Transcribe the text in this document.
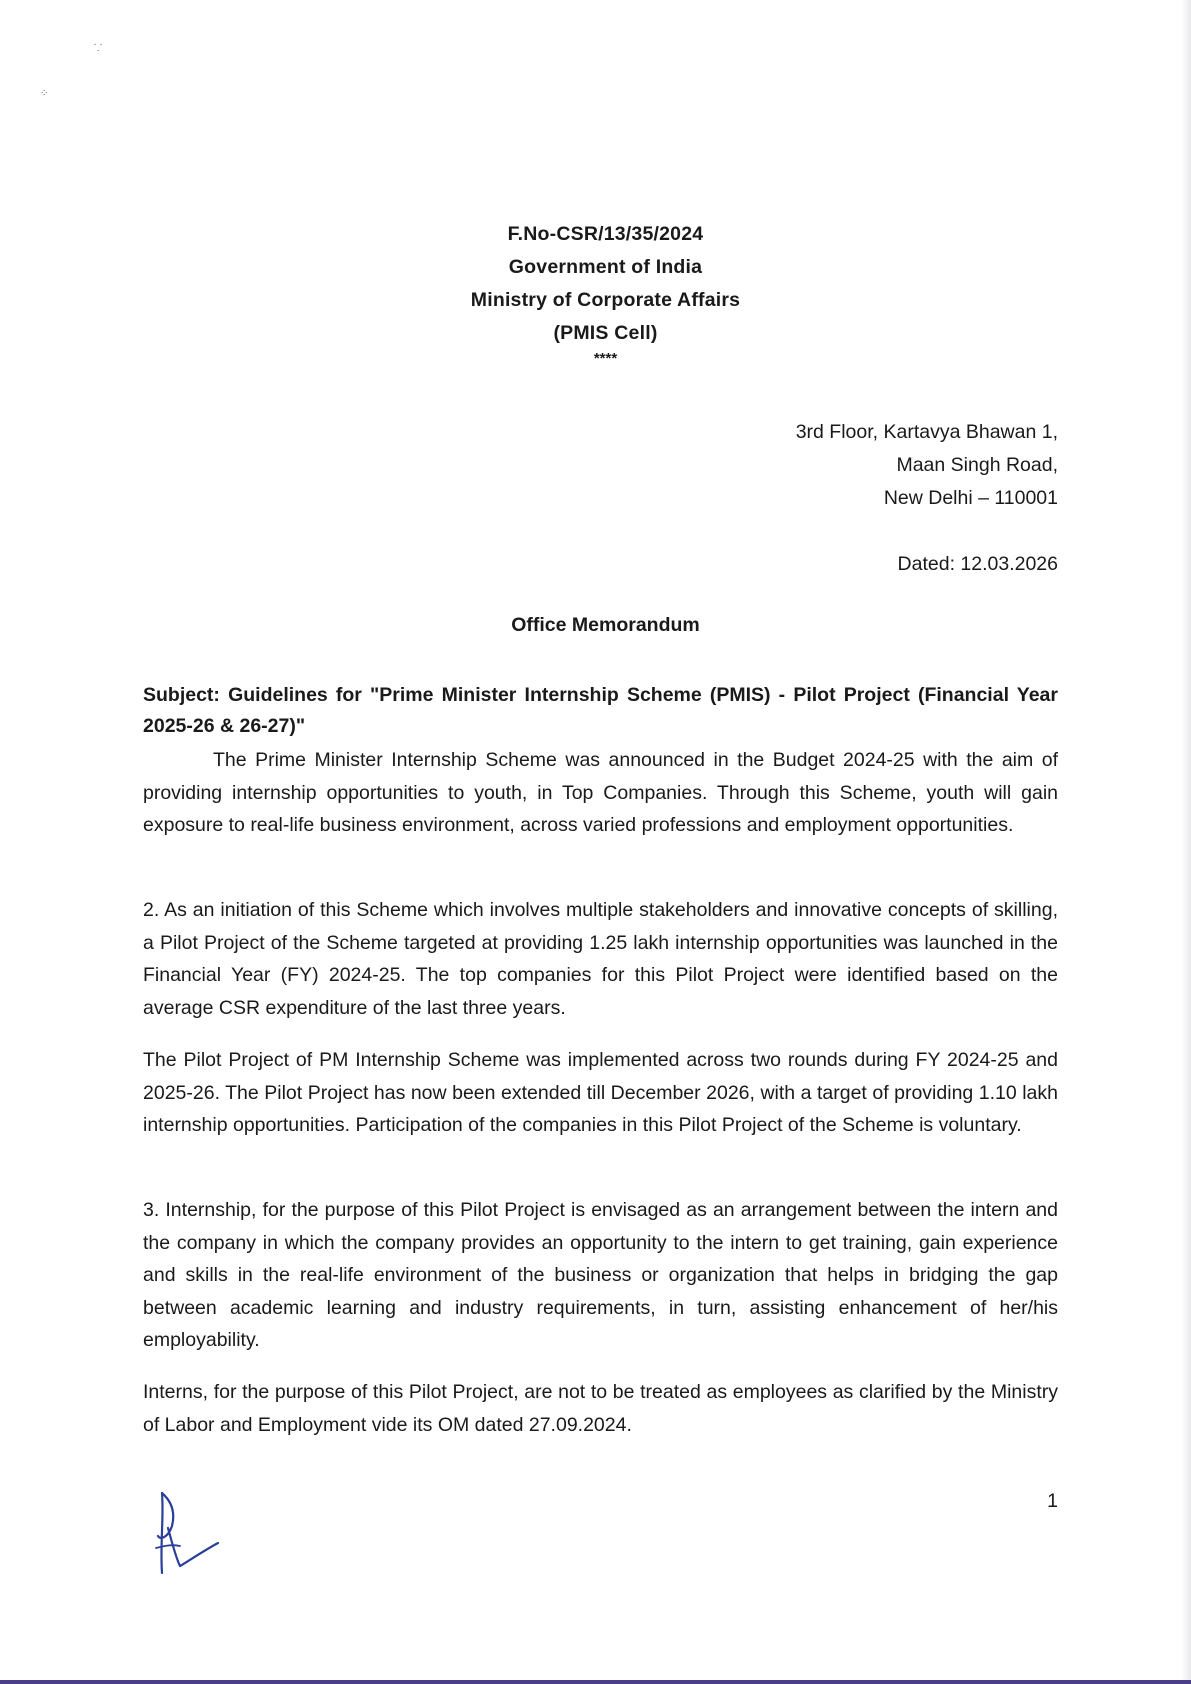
⸪
⁘
F.No-CSR/13/35/2024
Government of India
Ministry of Corporate Affairs
(PMIS Cell)
****
3rd Floor, Kartavya Bhawan 1,
Maan Singh Road,
New Delhi – 110001
Dated: 12.03.2026
Office Memorandum
Subject: Guidelines for "Prime Minister Internship Scheme (PMIS) - Pilot Project (Financial Year 2025-26 & 26-27)"

The Prime Minister Internship Scheme was announced in the Budget 2024-25 with the aim of providing internship opportunities to youth, in Top Companies. Through this Scheme, youth will gain exposure to real-life business environment, across varied professions and employment opportunities.

2. As an initiation of this Scheme which involves multiple stakeholders and innovative concepts of skilling, a Pilot Project of the Scheme targeted at providing 1.25 lakh internship opportunities was launched in the Financial Year (FY) 2024-25. The top companies for this Pilot Project were identified based on the average CSR expenditure of the last three years.

The Pilot Project of PM Internship Scheme was implemented across two rounds during FY 2024-25 and 2025-26. The Pilot Project has now been extended till December 2026, with a target of providing 1.10 lakh internship opportunities. Participation of the companies in this Pilot Project of the Scheme is voluntary.

3. Internship, for the purpose of this Pilot Project is envisaged as an arrangement between the intern and the company in which the company provides an opportunity to the intern to get training, gain experience and skills in the real-life environment of the business or organization that helps in bridging the gap between academic learning and industry requirements, in turn, assisting enhancement of her/his employability.

Interns, for the purpose of this Pilot Project, are not to be treated as employees as clarified by the Ministry of Labor and Employment vide its OM dated 27.09.2024.

1
